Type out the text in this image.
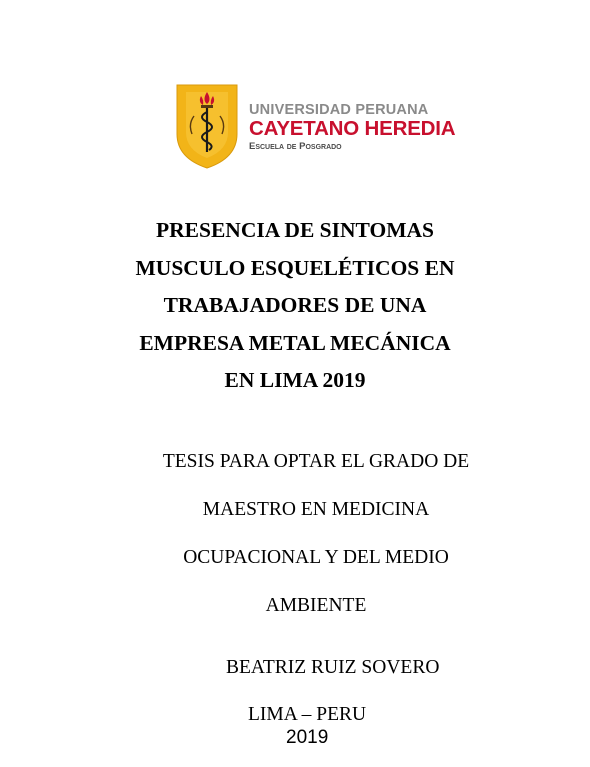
UNIVERSIDAD PERUANA
CAYETANO HEREDIA
Escuela de Posgrado
PRESENCIA DE SINTOMAS
MUSCULO ESQUELÉTICOS EN
TRABAJADORES DE UNA
EMPRESA METAL MECÁNICA
EN LIMA 2019
TESIS PARA OPTAR EL GRADO DE
MAESTRO EN MEDICINA
OCUPACIONAL Y DEL MEDIO
AMBIENTE
BEATRIZ RUIZ SOVERO
LIMA – PERU
2019
